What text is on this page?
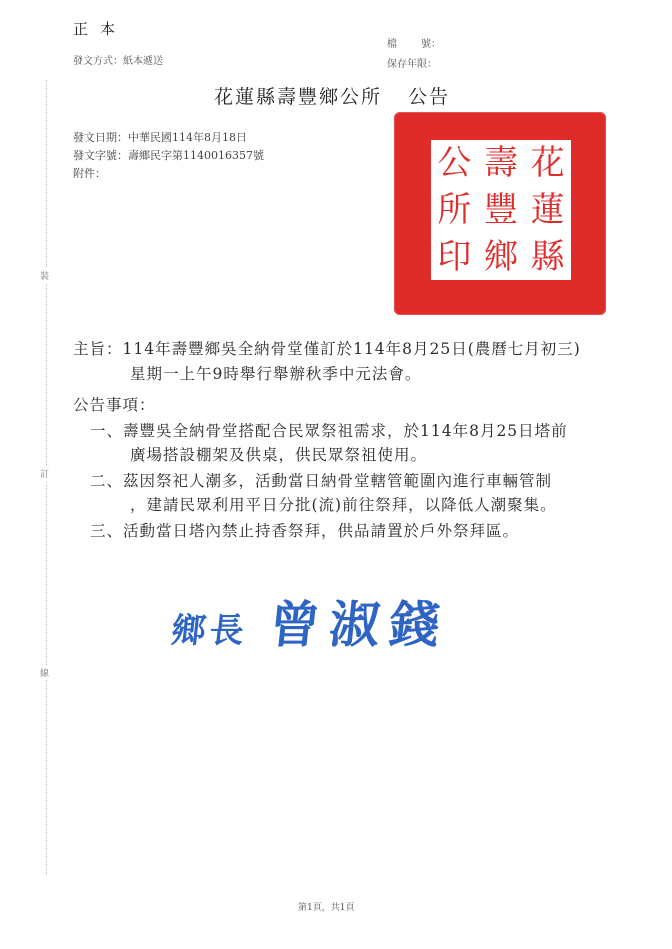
裝
訂
線
正本
發文方式：紙本遞送
檔 號：
保存年限：
花蓮縣壽豐鄉公所 公告
發文日期：中華民國114年8月18日
發文字號：壽鄉民字第1140016357號
附件：	花
蓮
縣
壽
豐
鄉
公
所
印
主旨：114年壽豐鄉吳全納骨堂僅訂於114年8月25日(農曆七月初三)
星期一上午9時舉行舉辦秋季中元法會。
公告事項：
一、壽豐吳全納骨堂搭配合民眾祭祖需求，於114年8月25日塔前
廣場搭設棚架及供桌，供民眾祭祖使用。
二、茲因祭祀人潮多，活動當日納骨堂轄管範圍內進行車輛管制
，建請民眾利用平日分批(流)前往祭拜，以降低人潮聚集。
三、活動當日塔內禁止持香祭拜，供品請置於戶外祭拜區。
鄉長 曾淑錢
第1頁，共1頁
